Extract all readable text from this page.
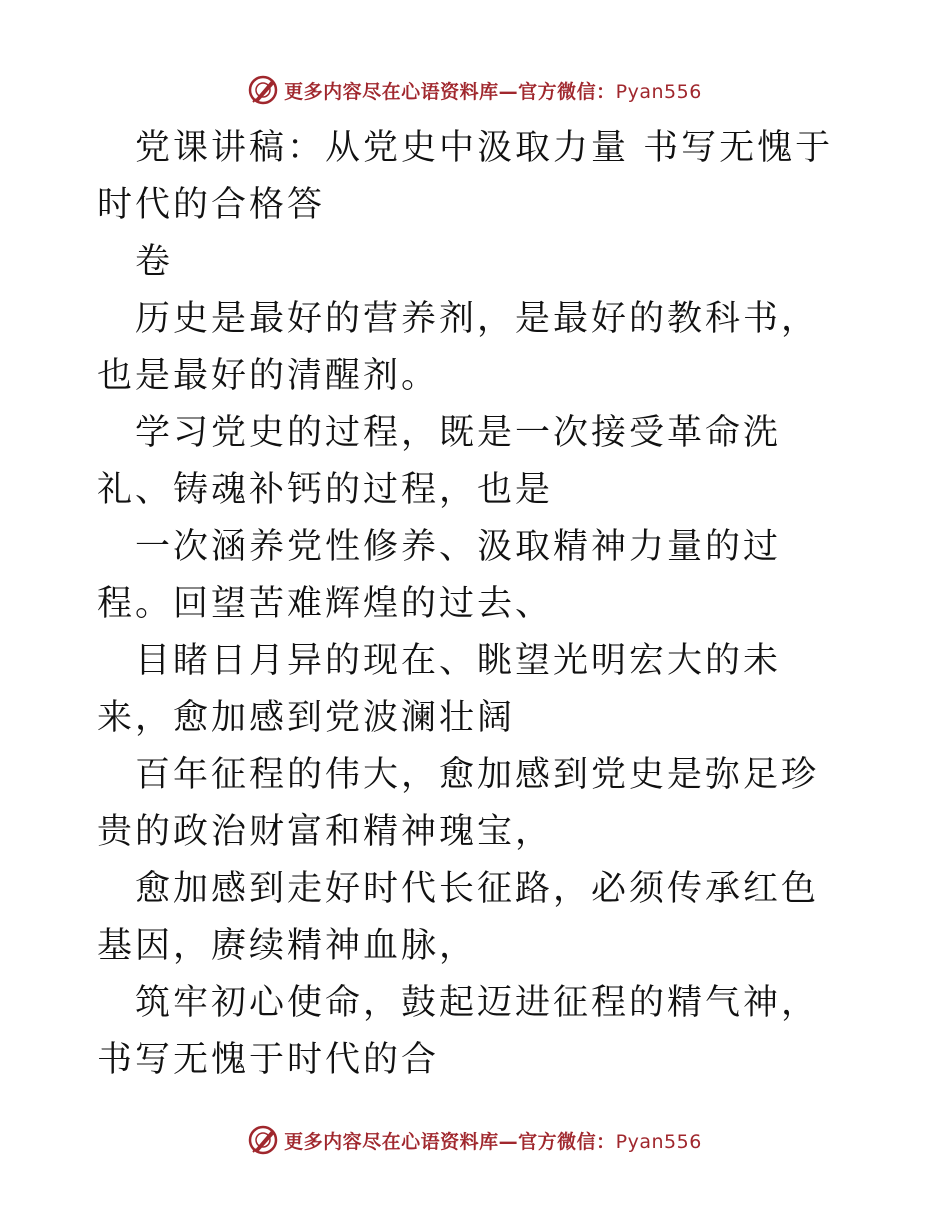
更多内容尽在心语资料库—官方微信：Pyan556

党课讲稿：从党史中汲取力量 书写无愧于时代的合格答

卷

历史是最好的营养剂，是最好的教科书，也是最好的清醒剂。

学习党史的过程，既是一次接受革命洗礼、铸魂补钙的过程，也是

一次涵养党性修养、汲取精神力量的过程。回望苦难辉煌的过去、

目睹日月异的现在、眺望光明宏大的未来，愈加感到党波澜壮阔

百年征程的伟大，愈加感到党史是弥足珍贵的政治财富和精神瑰宝，

愈加感到走好时代长征路，必须传承红色基因，赓续精神血脉，

筑牢初心使命，鼓起迈进征程的精气神，书写无愧于时代的合

更多内容尽在心语资料库—官方微信：Pyan556
